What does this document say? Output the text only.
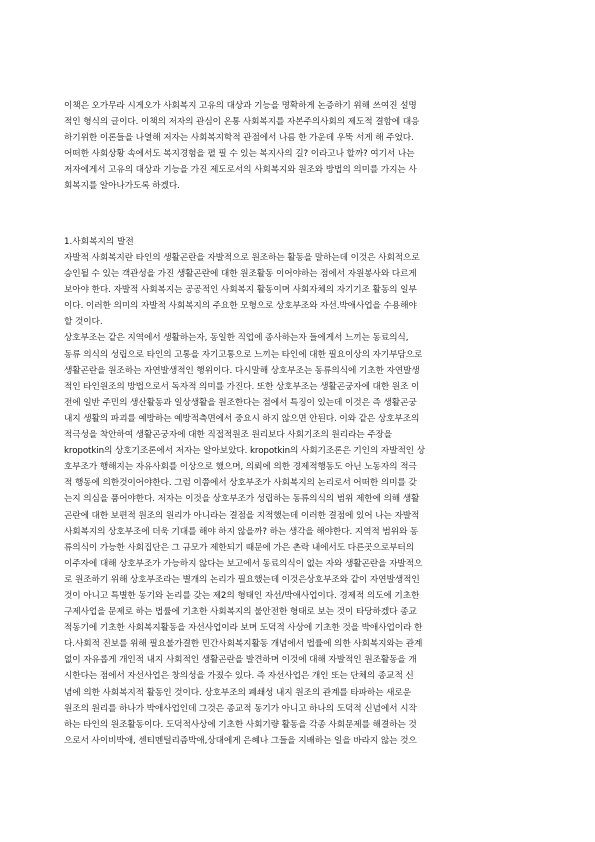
이책은 오가무라 시게오가 사회복지 고유의 대상과 기능을 명확하게 논증하기 위해 쓰여진 설명
적인 형식의 글이다. 이책의 저자의 관심이 온통 사회복지를 자본주의사회의 제도적 결함에 대응
하기위한 이론들을 나열해 저자는 사회복지학적 관점에서 나름 한 가운데 우뚝 서게 해 주었다.
어떠한 사회상황 속에서도 복지경험을 펼 필 수 있는 복지사의 길? 이라고나 할까? 여기서 나는
저자에게서 고유의 대상과 기능을 가진 제도로서의 사회복지와 원조와 방법의 의미를 가지는 사
회복지를 알아나가도록 하겠다.

1.사회복지의 발전

자발적 사회복지란 타인의 생활곤란을 자발적으로 원조하는 활동을 말하는데 이것은 사회적으로
승인될 수 있는 객관성을 가진 생활곤란에 대한 원조활동 이어야하는 점에서 자원봉사와 다르게
보아야 한다. 자발적 사회복지는 공공적인 사회복지 활동이며 사회자체의 자기기조 활동의 일부
이다. 이러한 의미의 자발적 사회복지의 주요한 모형으로 상호부조와 자선.박애사업을 수용해야
할 것이다.
상호부조는 같은 지역에서 생활하는자, 동일한 직업에 종사하는자 들에게서 느끼는 동료의식,
동류 의식의 성립으로 타인의 고통을 자기고통으로 느끼는 타인에 대한 필요이상의 자기부담으로
생활곤란을 원조하는 자연발생적인 행위이다. 다시말해 상호부조는 동류의식에 기초한 자연발생
적인 타인원조의 방법으로서 독자적 의미를 가진다. 또한 상호부조는 생활곤궁자에 대한 원조 이
전에 일반 주민의 생산활동과 일상생활을 원조한다는 점에서 특징이 있는데 이것은 즉 생활곤궁
내지 생활의 파괴를 예방하는 예방적측면에서 중요시 하지 않으면 안된다. 이와 같은 상호부조의
적극성을 착안하여 생활곤궁자에 대한 직접적원조 원리보다 사회기조의 원리라는 주장을
kropotkin의 상호기조론에서 저자는 알아보았다. kropotkin의 사회기조론은 기인의 자발적인 상
호부조가 행해지는 자유사회를 이상으로 했으며, 의뢰에 의한 경제적행동도 아닌 노동자의 적극
적 행동에 의한것이어야한다. 그럼 이쯤에서 상호부조가 사회복지의 논리로서 어떠한 의미를 갖
는지 의심을 품어야한다. 저자는 이것을 상호부조가 성립하는 동류의식의 범위 제한에 의해 생활
곤란에 대한 보편적 원조의 원리가 아니라는 결점을 지적했는데 이러한 결점에 있어 나는 자발적
사회복지의 상호부조에 더욱 기대를 해야 하지 않을까? 하는 생각을 해야한다. 지역적 범위와 동
류의식이 가능한 사회집단은 그 규모가 제한되기 때문에 가은 촌락 내에서도 다른곳으로부터의
이주자에 대해 상호부조가 가능하지 않다는 보고에서 동료의식이 없는 자와 생활곤란을 자발적으
로 원조하기 위해 상호부조라는 별개의 논리가 필요했는데 이것은상호부조와 같이 자연발생적인
것이 아니고 특별한 동기와 논리를 갖는 제2의 형태인 자선/박애사업이다. 경제적 의도에 기초한
구제사업을 문제로 하는 법률에 기초한 사회복지의 불안전한 형태로 보는 것이 타당하겠다 종교
적동기에 기초한 사회복지활동을 자선사업이라 보며 도덕적 사상에 기초한 것을 박애사업이라 한
다.사회적 진보를 위해 필요불가결한 민간사회복지활동 개념에서 법률에 의한 사회복지와는 관계
없이 자유롭게 개인적 내지 사회적인 생활곤란을 발견하며 이것에 대해 자발적인 원조활동을 개
시한다는 점에서 자선사업은 창의성을 가졌수 있다. 즉 자선사업은 개인 또는 단체의 종교적 신
념에 의한 사회복지적 활동인 것이다. 상호부조의 폐쇄성 내지 원조의 관계를 타파하는 새로운
원조의 원리를 하나가 박애사업인데 그것은 종교적 동기가 아니고 하나의 도덕적 신념에서 시작
하는 타인의 원조활동이다. 도덕적사상에 기초한 사회기량 활동을 각종 사회문제를 해결하는 것
으로서 사이비박애, 센티멘털리즘박애,상대에게 은혜나 그들을 지배하는 일을 바라지 않는 것으
